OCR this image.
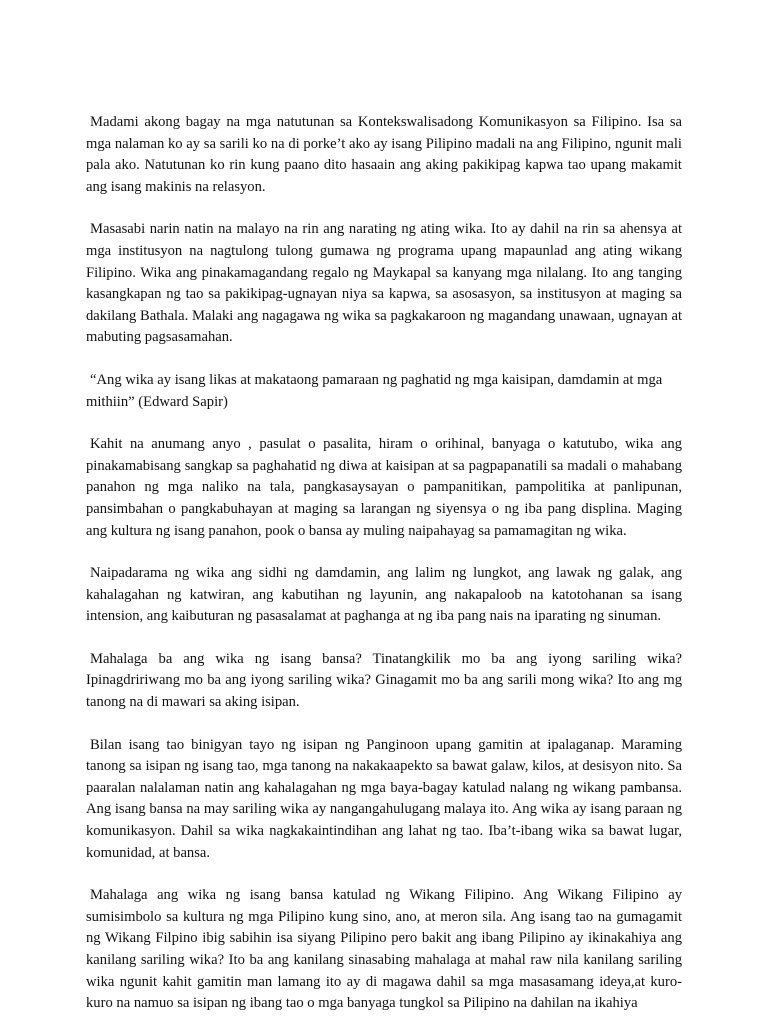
Madami akong bagay na mga natutunan sa Kontekswalisadong Komunikasyon sa Filipino. Isa sa mga nalaman ko ay sa sarili ko na di porke’t ako ay isang Pilipino madali na ang Filipino, ngunit mali pala ako. Natutunan ko rin kung paano dito hasaain ang aking pakikipag kapwa tao upang makamit ang isang makinis na relasyon.

Masasabi narin natin na malayo na rin ang narating ng ating wika. Ito ay dahil na rin sa ahensya at mga institusyon na nagtulong tulong gumawa ng programa upang mapaunlad ang ating wikang Filipino. Wika ang pinakamagandang regalo ng Maykapal sa kanyang mga nilalang. Ito ang tanging kasangkapan ng tao sa pakikipag-ugnayan niya sa kapwa, sa asosasyon, sa institusyon at maging sa dakilang Bathala. Malaki ang nagagawa ng wika sa pagkakaroon ng magandang unawaan, ugnayan at mabuting pagsasamahan.

“Ang wika ay isang likas at makataong pamaraan ng paghatid ng mga kaisipan, damdamin at mga mithiin” (Edward Sapir)

Kahit na anumang anyo , pasulat o pasalita, hiram o orihinal, banyaga o katutubo, wika ang pinakamabisang sangkap sa paghahatid ng diwa at kaisipan at sa pagpapanatili sa madali o mahabang panahon ng mga naliko na tala, pangkasaysayan o pampanitikan, pampolitika at panlipunan, pansimbahan o pangkabuhayan at maging sa larangan ng siyensya o ng iba pang displina. Maging ang kultura ng isang panahon, pook o bansa ay muling naipahayag sa pamamagitan ng wika.

Naipadarama ng wika ang sidhi ng damdamin, ang lalim ng lungkot, ang lawak ng galak, ang kahalagahan ng katwiran, ang kabutihan ng layunin, ang nakapaloob na katotohanan sa isang intension, ang kaibuturan ng pasasalamat at paghanga at ng iba pang nais na iparating ng sinuman.

Mahalaga ba ang wika ng isang bansa? Tinatangkilik mo ba ang iyong sariling wika? Ipinagdririwang mo ba ang iyong sariling wika? Ginagamit mo ba ang sarili mong wika? Ito ang mg tanong na di mawari sa aking isipan.

Bilan isang tao binigyan tayo ng isipan ng Panginoon upang gamitin at ipalaganap. Maraming tanong sa isipan ng isang tao, mga tanong na nakakaapekto sa bawat galaw, kilos, at desisyon nito. Sa paaralan nalalaman natin ang kahalagahan ng mga baya-bagay katulad nalang ng wikang pambansa. Ang isang bansa na may sariling wika ay nangangahulugang malaya ito. Ang wika ay isang paraan ng komunikasyon. Dahil sa wika nagkakaintindihan ang lahat ng tao. Iba’t-ibang wika sa bawat lugar, komunidad, at bansa.

Mahalaga ang wika ng isang bansa katulad ng Wikang Filipino. Ang Wikang Filipino ay sumisimbolo sa kultura ng mga Pilipino kung sino, ano, at meron sila. Ang isang tao na gumagamit ng Wikang Filpino ibig sabihin isa siyang Pilipino pero bakit ang ibang Pilipino ay ikinakahiya ang kanilang sariling wika? Ito ba ang kanilang sinasabing mahalaga at mahal raw nila kanilang sariling wika ngunit kahit gamitin man lamang ito ay di magawa dahil sa mga masasamang ideya,at kuro-kuro na namuo sa isipan ng ibang tao o mga banyaga tungkol sa Pilipino na dahilan na ikahiya
